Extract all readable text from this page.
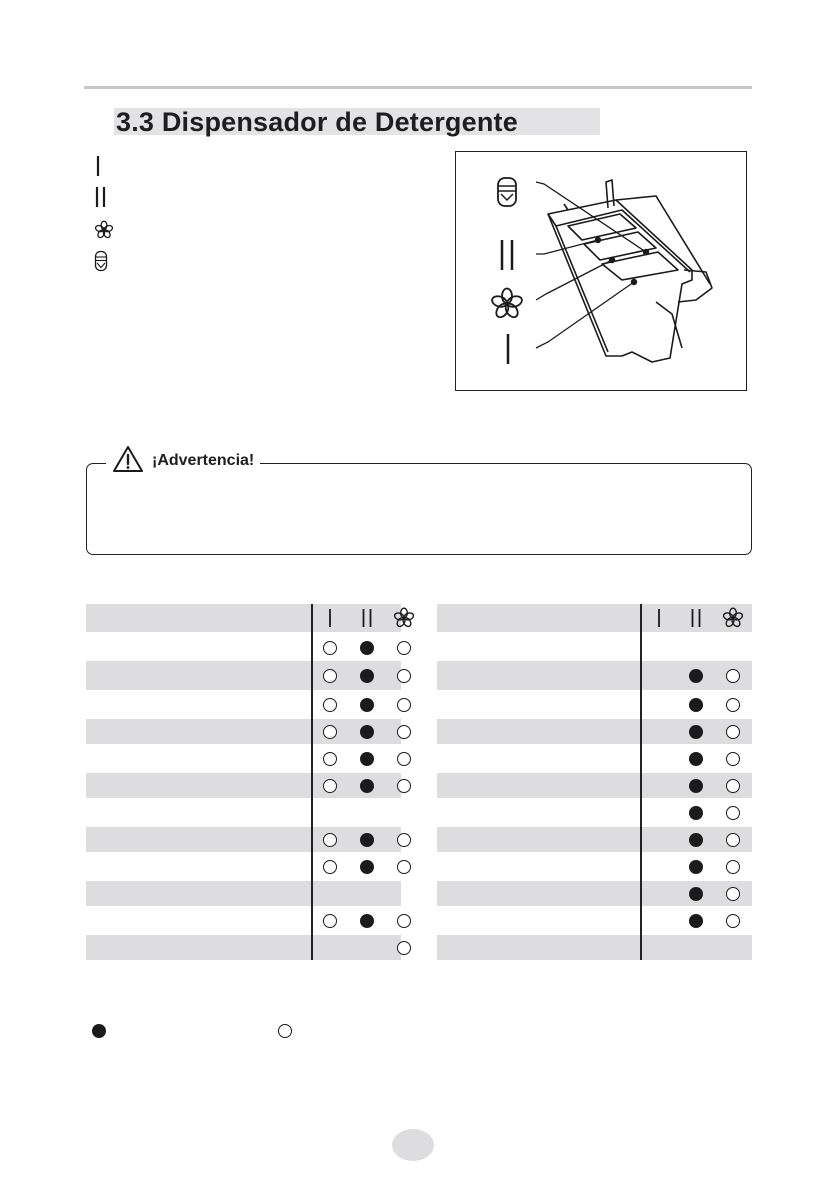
3.3 Dispensador de Detergente
¡Advertencia!
